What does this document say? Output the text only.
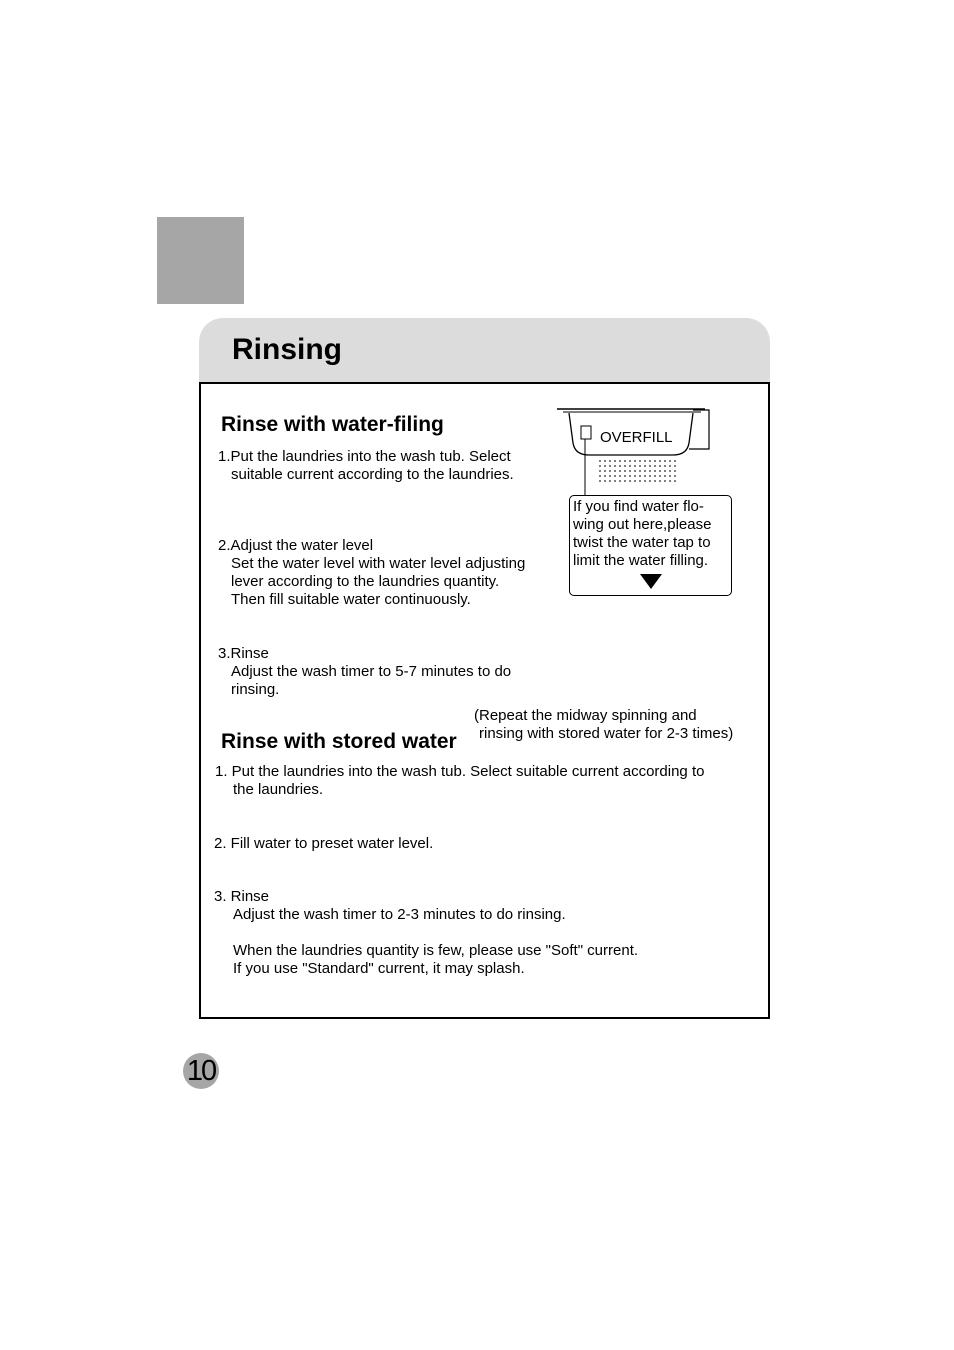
Rinsing
Rinse with water-filing
1.Put the laundries into the wash tub. Select
suitable current according to the laundries.
2.Adjust the water level
Set the water level with water level adjusting
lever according to the laundries quantity.
Then fill suitable water continuously.
3.Rinse
Adjust the wash timer to 5-7 minutes to do
rinsing.
OVERFILL
If you find water flo-
wing out here,please
twist the water tap to
limit the water filling.
(Repeat the midway spinning and
rinsing with stored water for 2-3 times)
Rinse with stored water
1. Put the laundries into the wash tub. Select suitable current according to
the laundries.
2. Fill water to preset water level.
3. Rinse
Adjust the wash timer to 2-3 minutes to do rinsing.
When the laundries quantity is few, please use "Soft" current.
If you use "Standard" current, it may splash.
10
